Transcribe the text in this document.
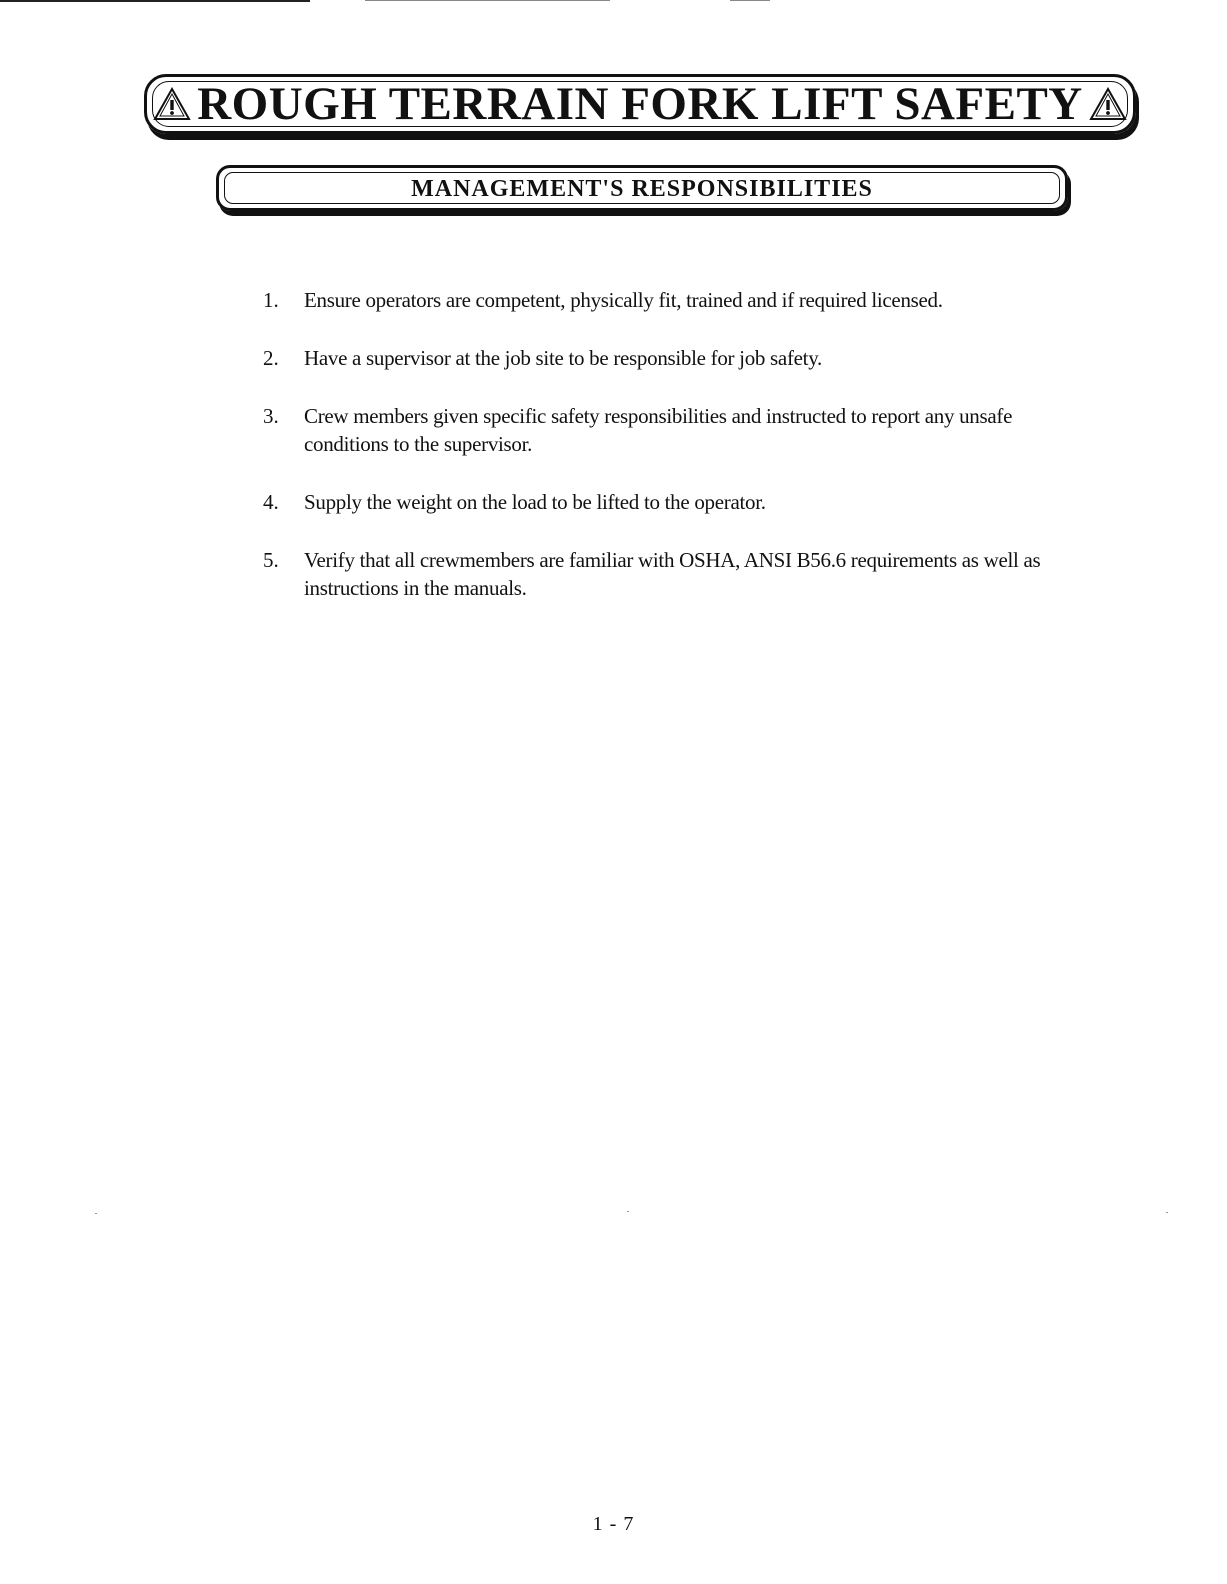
ROUGH TERRAIN FORK LIFT SAFETY
MANAGEMENT'S RESPONSIBILITIES
1.	Ensure operators are competent, physically fit, trained and if required licensed.
2.	Have a supervisor at the job site to be responsible for job safety.
3.	Crew members given specific safety responsibilities and instructed to report any unsafe conditions to the supervisor.
4.	Supply the weight on the load to be lifted to the operator.
5.	Verify that all crewmembers are familiar with OSHA, ANSI B56.6 requirements as well as instructions in the manuals.
1 - 7
